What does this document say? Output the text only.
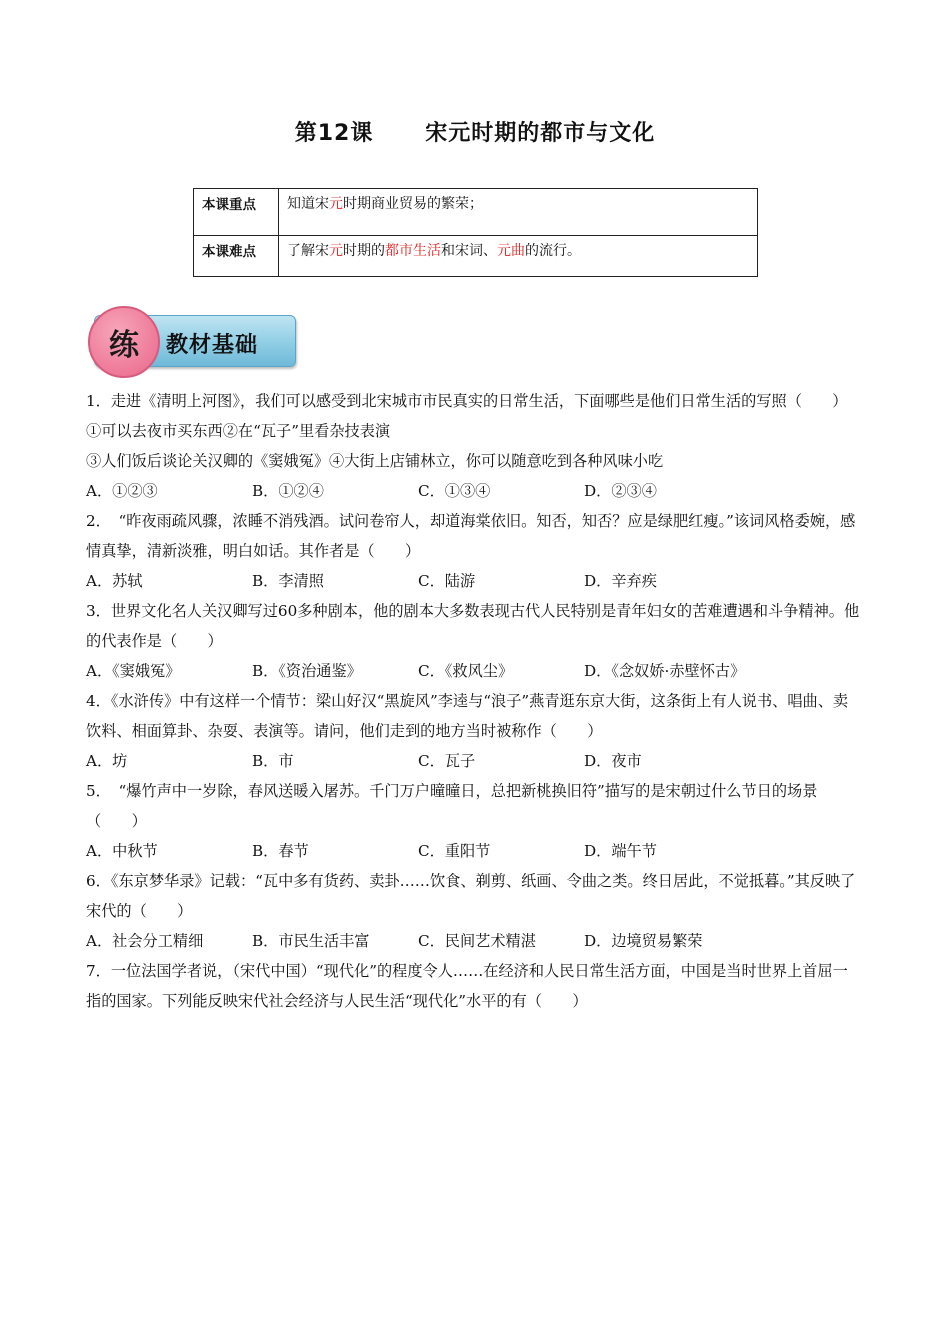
第12课      宋元时期的都市与文化
本课重点	知道宋元时期商业贸易的繁荣；
本课难点	了解宋元时期的都市生活和宋词、元曲的流行。
练	教材基础
1．走进《清明上河图》，我们可以感受到北宋城市市民真实的日常生活，下面哪些是他们日常生活的写照（　　）
①可以去夜市买东西②在“瓦子”里看杂技表演
③人们饭后谈论关汉卿的《窦娥冤》④大街上店铺林立，你可以随意吃到各种风味小吃
A．①②③	B．①②④	C．①③④	D．②③④
2．　“昨夜雨疏风骤，浓睡不消残酒。试问卷帘人，却道海棠依旧。知否，知否？应是绿肥红瘦。”该词风格委婉，感情真挚，清新淡雅，明白如话。其作者是（　　）
A．苏轼	B．李清照	C．陆游	D．辛弃疾
3．世界文化名人关汉卿写过60多种剧本，他的剧本大多数表现古代人民特别是青年妇女的苦难遭遇和斗争精神。他的代表作是（　　）
A．《窦娥冤》	B．《资治通鉴》	C．《救风尘》	D．《念奴娇·赤壁怀古》
4．《水浒传》中有这样一个情节：梁山好汉“黑旋风”李逵与“浪子”燕青逛东京大街，这条街上有人说书、唱曲、卖饮料、相面算卦、杂耍、表演等。请问，他们走到的地方当时被称作（　　）
A．坊	B．市	C．瓦子	D．夜市
5．　“爆竹声中一岁除，春风送暖入屠苏。千门万户曈曈日，总把新桃换旧符”描写的是宋朝过什么节日的场景（　　）
A．中秋节	B．春节	C．重阳节	D．端午节
6．《东京梦华录》记载：“瓦中多有货药、卖卦……饮食、剃剪、纸画、令曲之类。终日居此，不觉抵暮。”其反映了宋代的（　　）
A．社会分工精细	B．市民生活丰富	C．民间艺术精湛	D．边境贸易繁荣
7．一位法国学者说，（宋代中国）“现代化”的程度令人……在经济和人民日常生活方面，中国是当时世界上首屈一指的国家。下列能反映宋代社会经济与人民生活“现代化”水平的有（　　）
